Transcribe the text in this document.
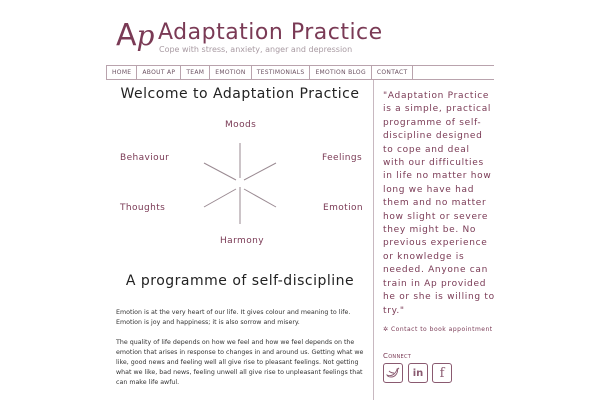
Ap Adaptation Practice
Cope with stress, anxiety, anger and depression
HOME	ABOUT AP	TEAM	EMOTION	TESTIMONIALS	EMOTION BLOG	CONTACT
Welcome to Adaptation Practice
Moods
Behaviour	Feelings
Thoughts	Emotion
Harmony
A programme of self-discipline
Emotion is at the very heart of our life. It gives colour and meaning to life. Emotion is joy and happiness; it is also sorrow and misery.
The quality of life depends on how we feel and how we feel depends on the emotion that arises in response to changes in and around us. Getting what we like, good news and feeling well all give rise to pleasant feelings. Not getting what we like, bad news, feeling unwell all give rise to unpleasant feelings that can make life awful.
"Adaptation Practice is a simple, practical programme of self-discipline designed to cope and deal with our difficulties in life no matter how long we have had them and no matter how slight or severe they might be. No previous experience or knowledge is needed. Anyone can train in Ap provided he or she is willing to try."
✲ Contact to book appointment
Connect
in f
